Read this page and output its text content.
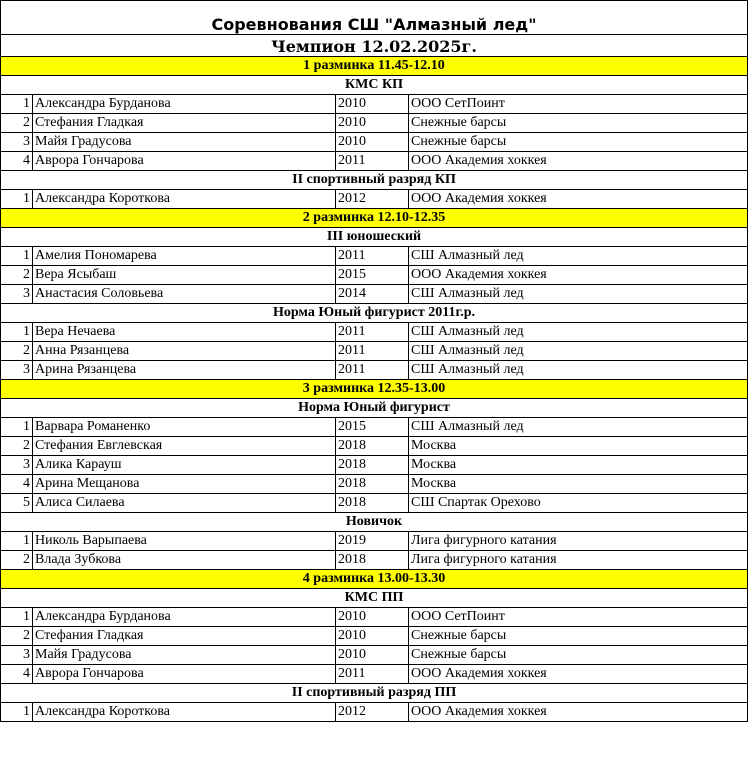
Соревнования СШ "Алмазный лед"			
Чемпион 12.02.2025г.			
1 разминка 11.45-12.10			
КМС КП			
1	Александра Бурданова	2010	ООО СетПоинт
2	Стефания Гладкая	2010	Снежные барсы
3	Майя Градусова	2010	Снежные барсы
4	Аврора Гончарова	2011	ООО Академия хоккея
II спортивный разряд КП			
1	Александра Короткова	2012	ООО Академия хоккея
2 разминка 12.10-12.35			
III юношеский			
1	Амелия Пономарева	2011	СШ Алмазный лед
2	Вера Ясыбаш	2015	ООО Академия хоккея
3	Анастасия Соловьева	2014	СШ Алмазный лед
Норма Юный фигурист 2011г.р.			
1	Вера Нечаева	2011	СШ Алмазный лед
2	Анна Рязанцева	2011	СШ Алмазный лед
3	Арина Рязанцева	2011	СШ Алмазный лед
3 разминка 12.35-13.00			
Норма Юный фигурист			
1	Варвара Романенко	2015	СШ Алмазный лед
2	Стефания Евглевская	2018	Москва
3	Алика Карауш	2018	Москва
4	Арина Мещанова	2018	Москва
5	Алиса Силаева	2018	СШ Спартак Орехово
Новичок			
1	Николь Варыпаева	2019	Лига фигурного катания
2	Влада Зубкова	2018	Лига фигурного катания
4 разминка 13.00-13.30			
КМС ПП			
1	Александра Бурданова	2010	ООО СетПоинт
2	Стефания Гладкая	2010	Снежные барсы
3	Майя Градусова	2010	Снежные барсы
4	Аврора Гончарова	2011	ООО Академия хоккея
II спортивный разряд ПП			
1	Александра Короткова	2012	ООО Академия хоккея
